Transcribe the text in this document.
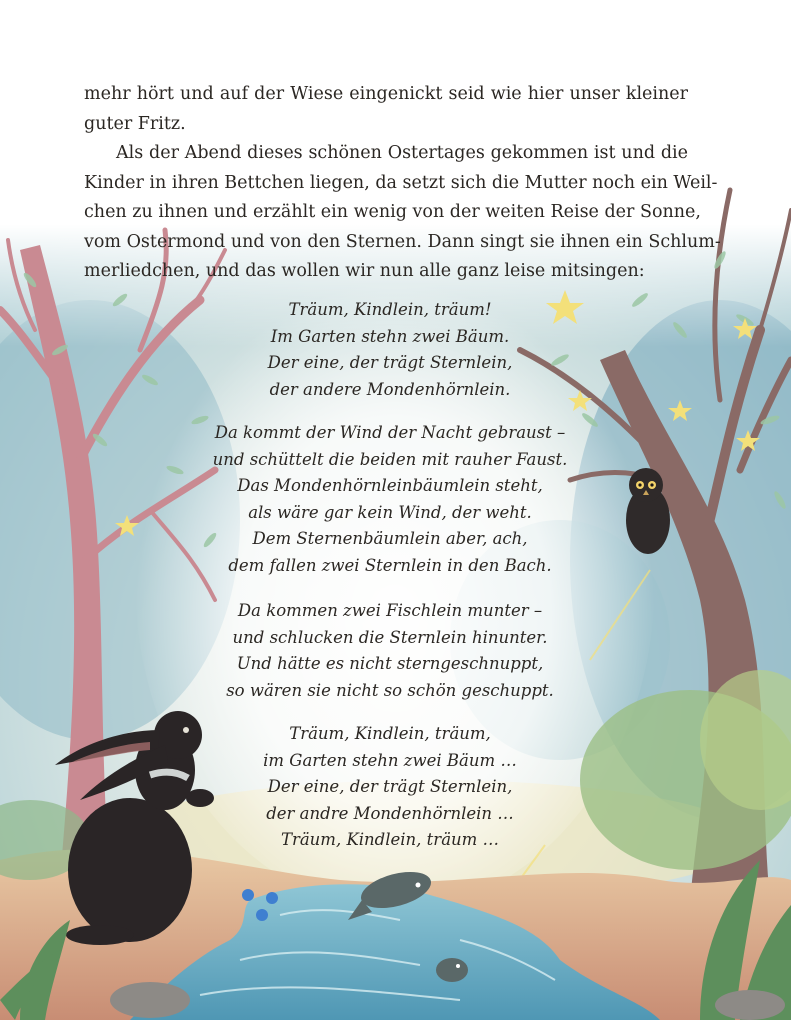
mehr hört und auf der Wiese eingenickt seid wie hier unser kleiner
guter Fritz.
Als der Abend dieses schönen Ostertages gekommen ist und die
Kinder in ihren Bettchen liegen, da setzt sich die Mutter noch ein Weil-
chen zu ihnen und erzählt ein wenig von der weiten Reise der Sonne,
vom Ostermond und von den Sternen. Dann singt sie ihnen ein Schlum-
merliedchen, und das wollen wir nun alle ganz leise mitsingen:
Träum, Kindlein, träum!
Im Garten stehn zwei Bäum.
Der eine, der trägt Sternlein,
der andere Mondenhörnlein.
Da kommt der Wind der Nacht gebraust –
und schüttelt die beiden mit rauher Faust.
Das Mondenhörnleinbäumlein steht,
als wäre gar kein Wind, der weht.
Dem Sternenbäumlein aber, ach,
dem fallen zwei Sternlein in den Bach.
Da kommen zwei Fischlein munter –
und schlucken die Sternlein hinunter.
Und hätte es nicht sterngeschnuppt,
so wären sie nicht so schön geschuppt.
Träum, Kindlein, träum,
im Garten stehn zwei Bäum …
Der eine, der trägt Sternlein,
der andre Mondenhörnlein …
Träum, Kindlein, träum …
